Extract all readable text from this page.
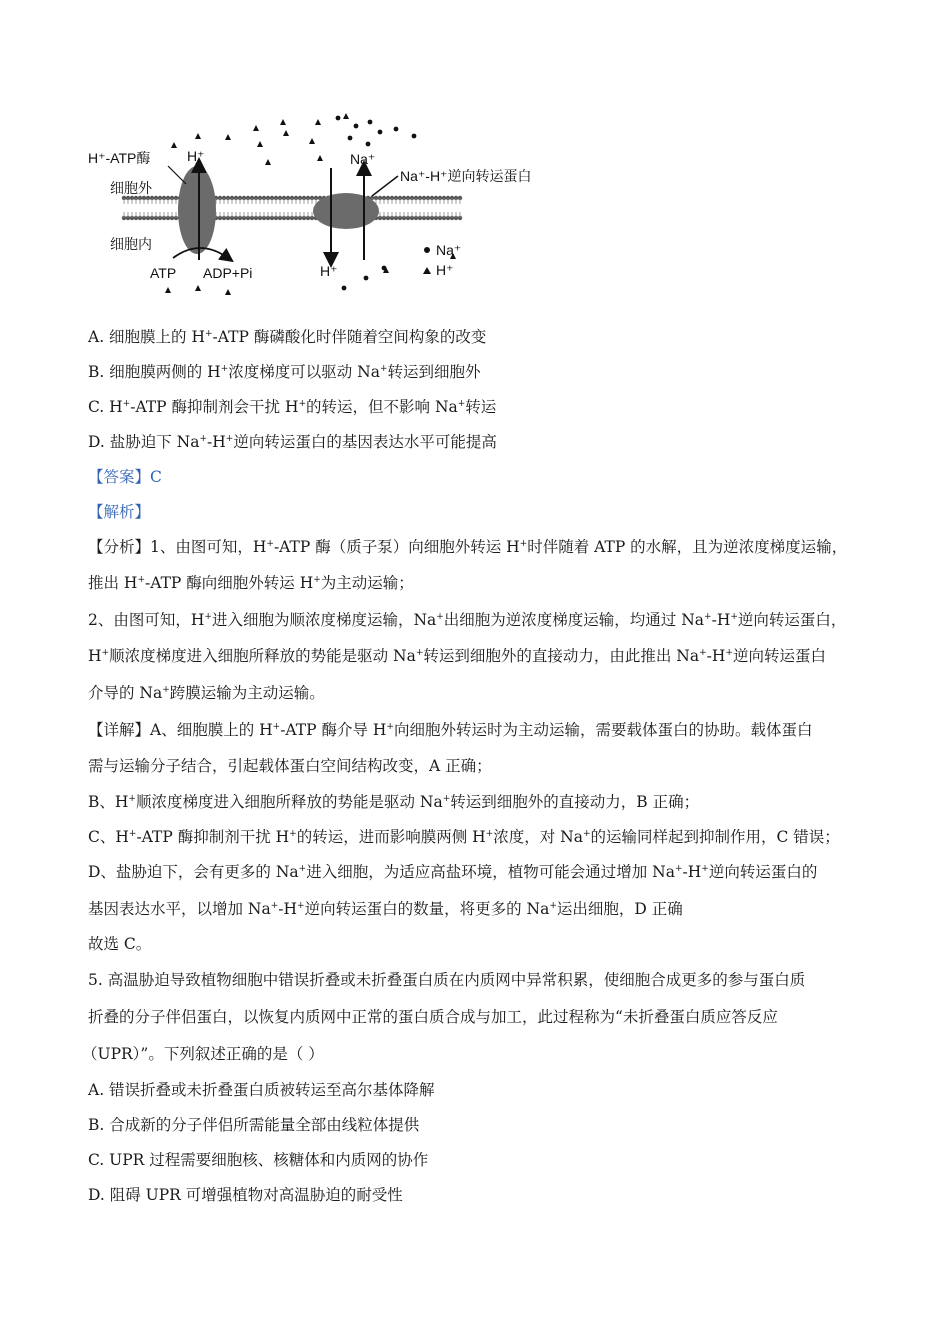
H⁺-ATP酶	H⁺	Na⁺
Na⁺-H⁺逆向转运蛋白
细胞外
细胞内
ATP ADP+Pi	H⁺
Na⁺
H⁺
A. 细胞膜上的 H+-ATP 酶磷酸化时伴随着空间构象的改变
B. 细胞膜两侧的 H+浓度梯度可以驱动 Na+转运到细胞外
C. H+-ATP 酶抑制剂会干扰 H+的转运，但不影响 Na+转运
D. 盐胁迫下 Na+-H+逆向转运蛋白的基因表达水平可能提高
【答案】C
【解析】
【分析】1、由图可知，H+-ATP 酶（质子泵）向细胞外转运 H+时伴随着 ATP 的水解，且为逆浓度梯度运输，
推出 H+-ATP 酶向细胞外转运 H+为主动运输；
2、由图可知，H+进入细胞为顺浓度梯度运输，Na+出细胞为逆浓度梯度运输，均通过 Na+-H+逆向转运蛋白，
H+顺浓度梯度进入细胞所释放的势能是驱动 Na+转运到细胞外的直接动力，由此推出 Na+-H+逆向转运蛋白
介导的 Na+跨膜运输为主动运输。
【详解】A、细胞膜上的 H+-ATP 酶介导 H+向细胞外转运时为主动运输，需要载体蛋白的协助。载体蛋白
需与运输分子结合，引起载体蛋白空间结构改变，A 正确；
B、H+顺浓度梯度进入细胞所释放的势能是驱动 Na+转运到细胞外的直接动力，B 正确；
C、H+-ATP 酶抑制剂干扰 H+的转运，进而影响膜两侧 H+浓度，对 Na+的运输同样起到抑制作用，C 错误；
D、盐胁迫下，会有更多的 Na+进入细胞，为适应高盐环境，植物可能会通过增加 Na+-H+逆向转运蛋白的
基因表达水平，以增加 Na+-H+逆向转运蛋白的数量，将更多的 Na+运出细胞，D 正确
故选 C。
5. 高温胁迫导致植物细胞中错误折叠或未折叠蛋白质在内质网中异常积累，使细胞合成更多的参与蛋白质
折叠的分子伴侣蛋白，以恢复内质网中正常的蛋白质合成与加工，此过程称为“未折叠蛋白质应答反应
（UPR）”。下列叙述正确的是（ ）
A. 错误折叠或未折叠蛋白质被转运至高尔基体降解
B. 合成新的分子伴侣所需能量全部由线粒体提供
C. UPR 过程需要细胞核、核糖体和内质网的协作
D. 阻碍 UPR 可增强植物对高温胁迫的耐受性
